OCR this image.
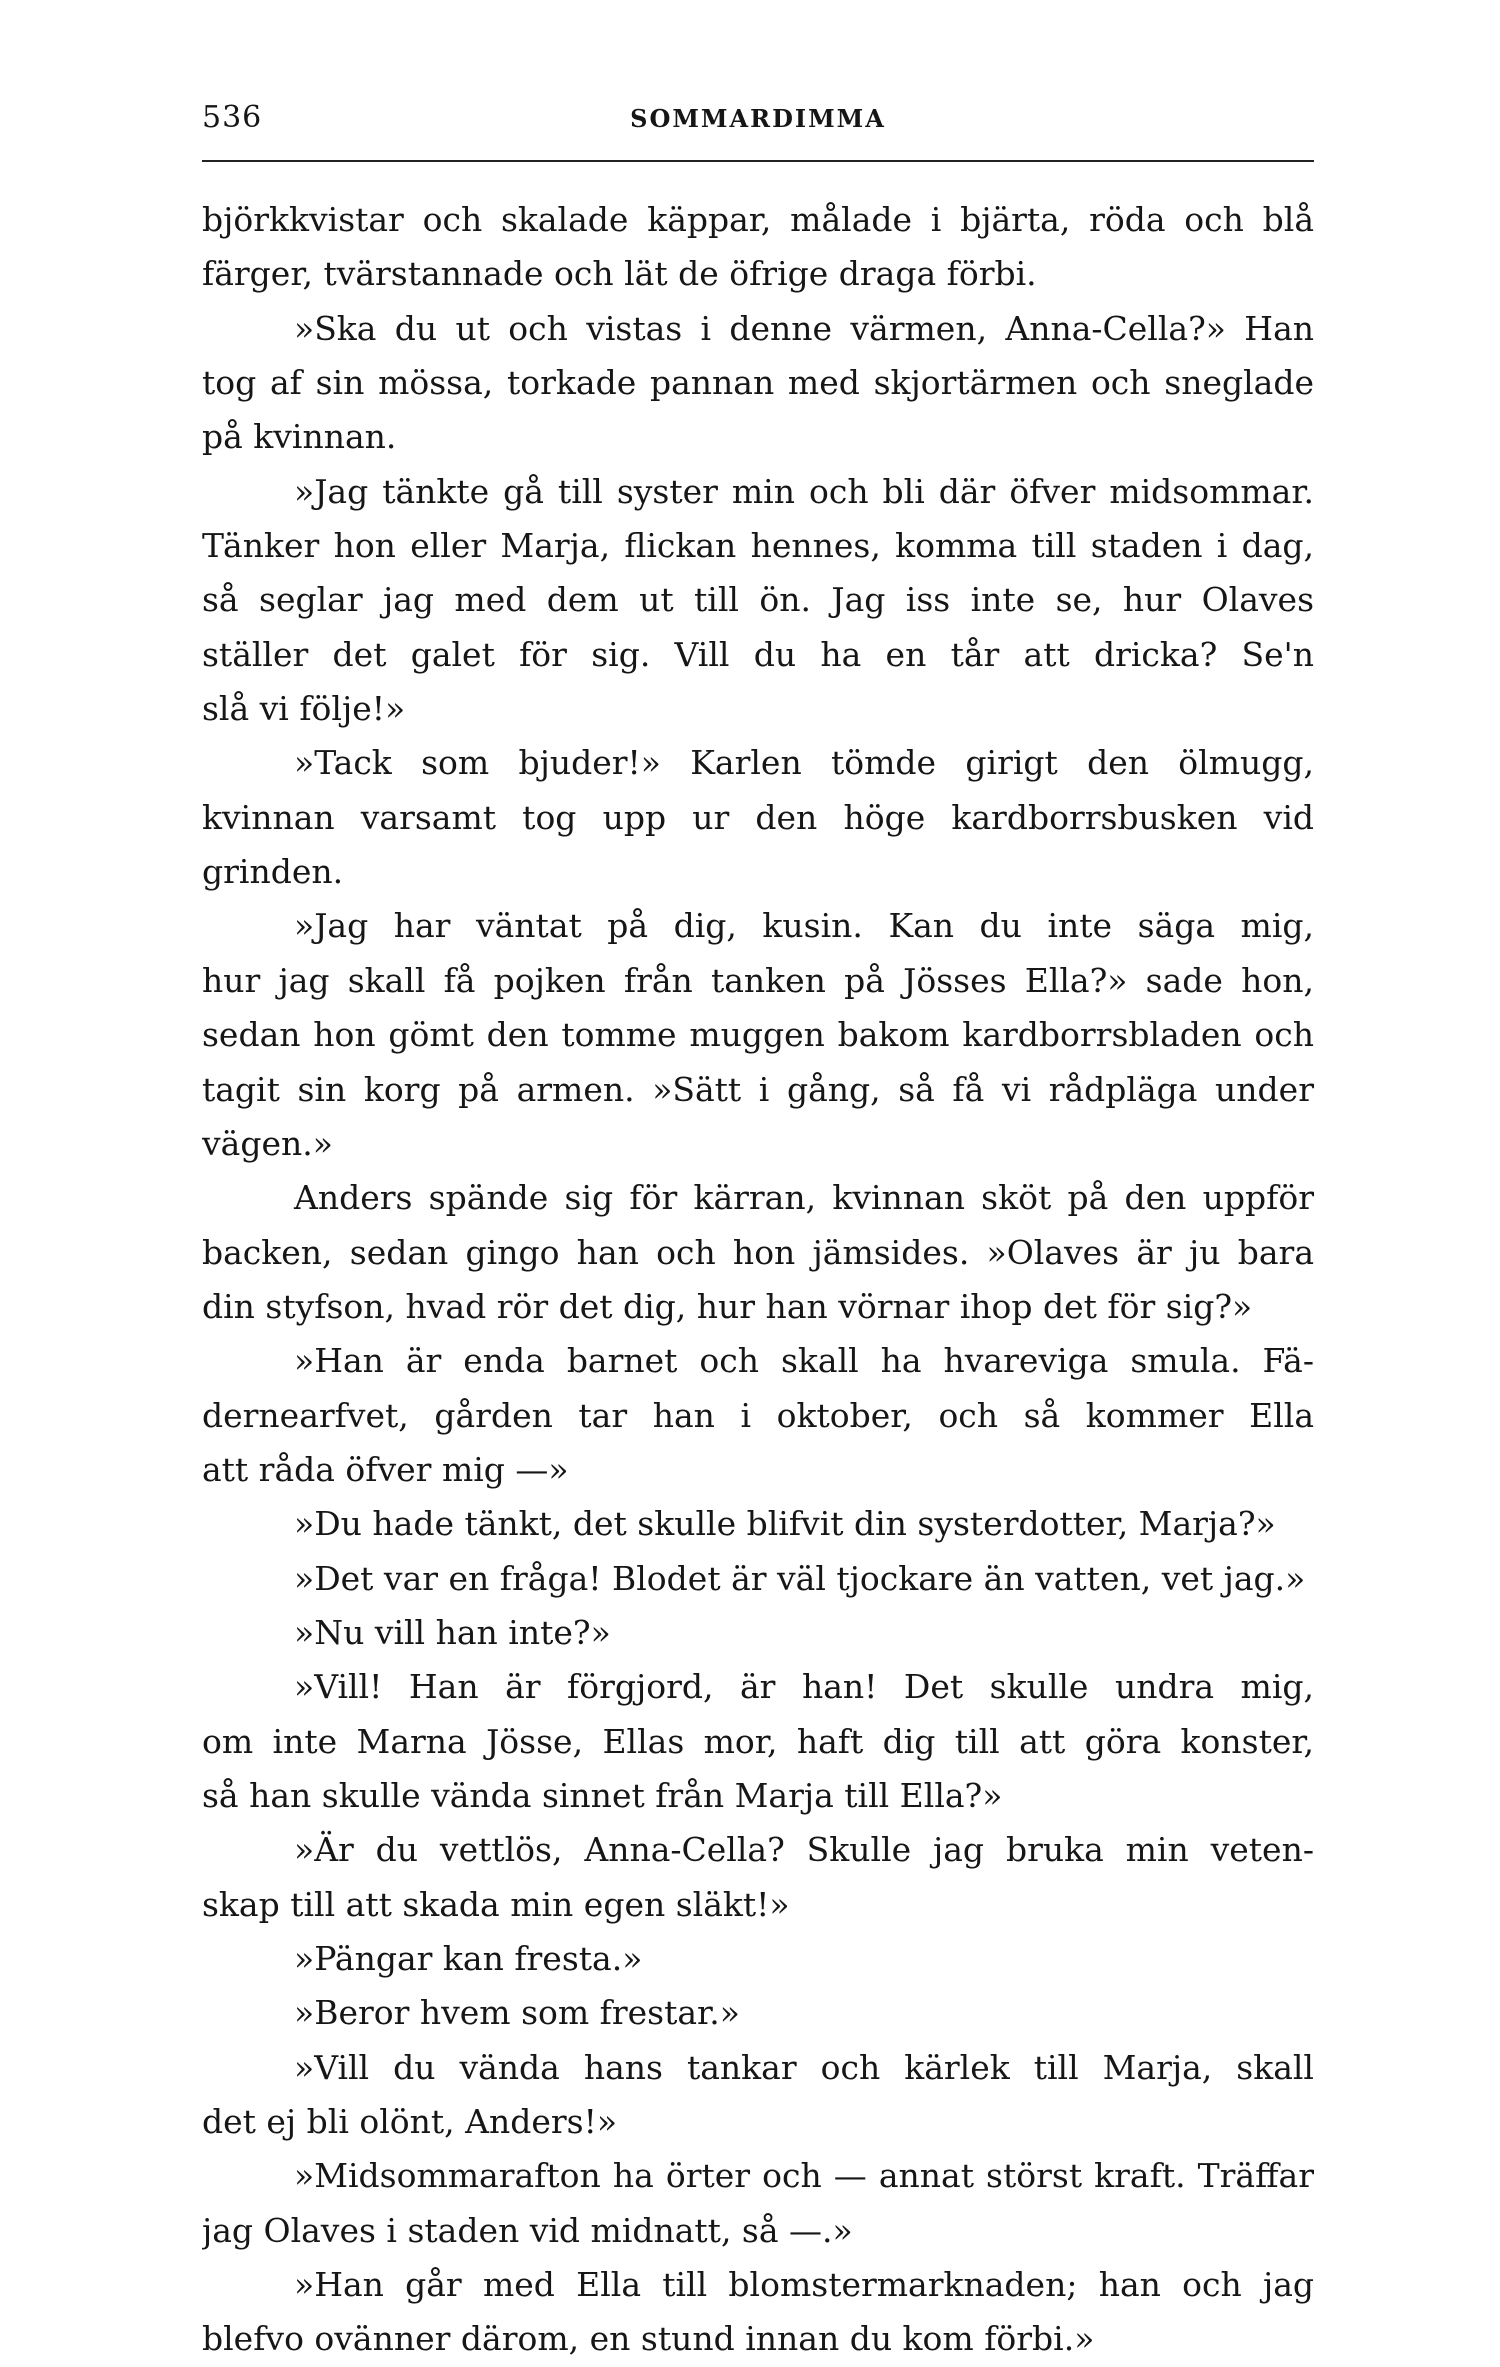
536	SOMMARDIMMA
björkkvistar och skalade käppar, målade i bjärta, röda och blå
färger, tvärstannade och lät de öfrige draga förbi.
»Ska du ut och vistas i denne värmen, Anna-Cella?» Han
tog af sin mössa, torkade pannan med skjortärmen och sneglade
på kvinnan.
»Jag tänkte gå till syster min och bli där öfver midsommar.
Tänker hon eller Marja, flickan hennes, komma till staden i dag,
så seglar jag med dem ut till ön. Jag iss inte se, hur Olaves
ställer det galet för sig. Vill du ha en tår att dricka? Se'n
slå vi följe!»
»Tack som bjuder!» Karlen tömde girigt den ölmugg,
kvinnan varsamt tog upp ur den höge kardborrsbusken vid
grinden.
»Jag har väntat på dig, kusin. Kan du inte säga mig,
hur jag skall få pojken från tanken på Jösses Ella?» sade hon,
sedan hon gömt den tomme muggen bakom kardborrsbladen och
tagit sin korg på armen. »Sätt i gång, så få vi rådpläga under
vägen.»
Anders spände sig för kärran, kvinnan sköt på den uppför
backen, sedan gingo han och hon jämsides. »Olaves är ju bara
din styfson, hvad rör det dig, hur han vörnar ihop det för sig?»
»Han är enda barnet och skall ha hvareviga smula. Fä-
dernearfvet, gården tar han i oktober, och så kommer Ella
att råda öfver mig —»
»Du hade tänkt, det skulle blifvit din systerdotter, Marja?»
»Det var en fråga! Blodet är väl tjockare än vatten, vet jag.»
»Nu vill han inte?»
»Vill! Han är förgjord, är han! Det skulle undra mig,
om inte Marna Jösse, Ellas mor, haft dig till att göra konster,
så han skulle vända sinnet från Marja till Ella?»
»Är du vettlös, Anna-Cella? Skulle jag bruka min veten-
skap till att skada min egen släkt!»
»Pängar kan fresta.»
»Beror hvem som frestar.»
»Vill du vända hans tankar och kärlek till Marja, skall
det ej bli olönt, Anders!»
»Midsommarafton ha örter och — annat störst kraft. Träffar
jag Olaves i staden vid midnatt, så —.»
»Han går med Ella till blomstermarknaden; han och jag
blefvo ovänner därom, en stund innan du kom förbi.»
